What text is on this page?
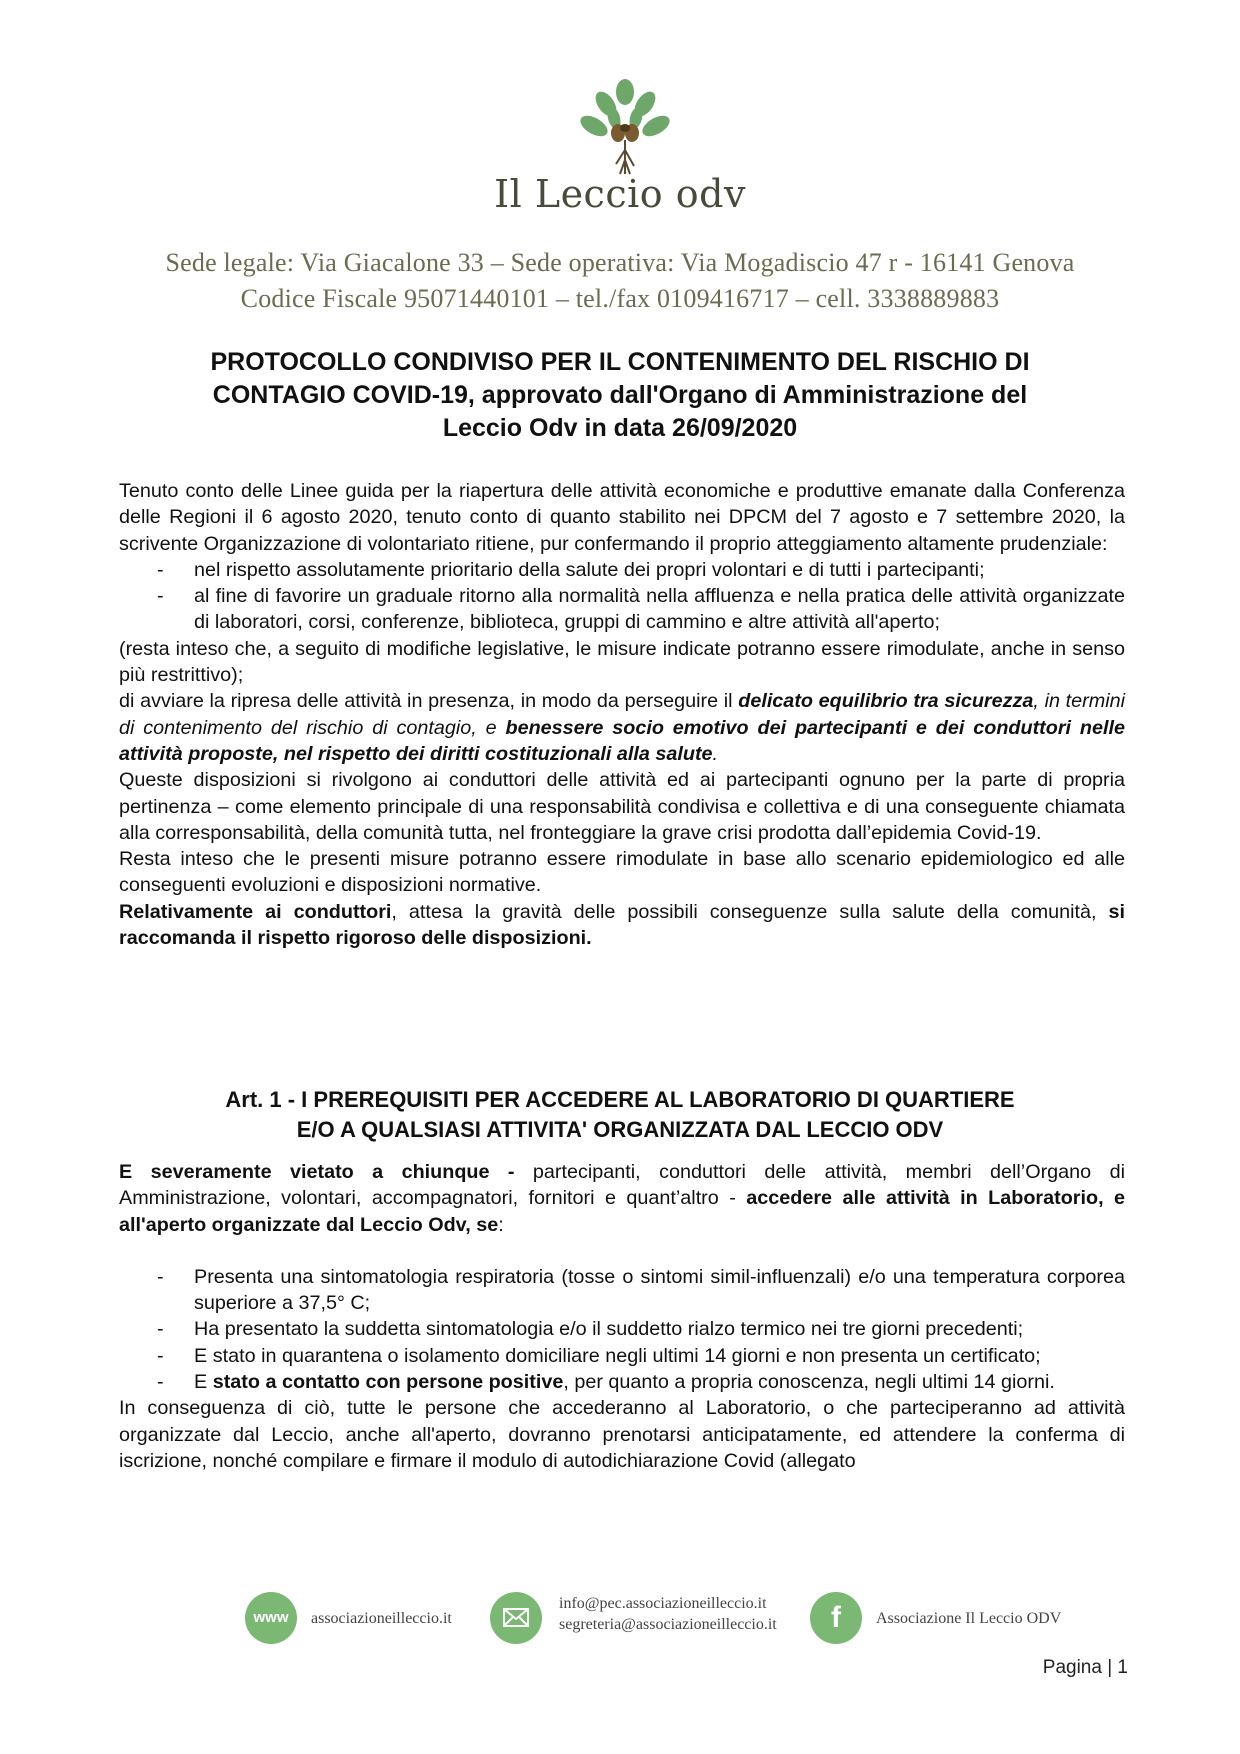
Il Leccio odv
Sede legale: Via Giacalone 33 – Sede operativa: Via Mogadiscio 47 r - 16141 Genova
Codice Fiscale 95071440101 – tel./fax 0109416717 – cell. 3338889883
PROTOCOLLO CONDIVISO PER IL CONTENIMENTO DEL RISCHIO DI
CONTAGIO COVID-19, approvato dall'Organo di Amministrazione del
Leccio Odv in data 26/09/2020

Tenuto conto delle Linee guida per la riapertura delle attività economiche e produttive emanate dalla Conferenza delle Regioni il 6 agosto 2020, tenuto conto di quanto stabilito nei DPCM del 7 agosto e 7 settembre 2020, la scrivente Organizzazione di volontariato ritiene, pur confermando il proprio atteggiamento altamente prudenziale:

- nel rispetto assolutamente prioritario della salute dei propri volontari e di tutti i partecipanti;
- al fine di favorire un graduale ritorno alla normalità nella affluenza e nella pratica delle attività organizzate di laboratori, corsi, conferenze, biblioteca, gruppi di cammino e altre attività all'aperto;

(resta inteso che, a seguito di modifiche legislative, le misure indicate potranno essere rimodulate, anche in senso più restrittivo);

di avviare la ripresa delle attività in presenza, in modo da perseguire il delicato equilibrio tra sicurezza, in termini di contenimento del rischio di contagio, e benessere socio emotivo dei partecipanti e dei conduttori nelle attività proposte, nel rispetto dei diritti costituzionali alla salute.

Queste disposizioni si rivolgono ai conduttori delle attività ed ai partecipanti ognuno per la parte di propria pertinenza – come elemento principale di una responsabilità condivisa e collettiva e di una conseguente chiamata alla corresponsabilità, della comunità tutta, nel fronteggiare la grave crisi prodotta dall’epidemia Covid-19.

Resta inteso che le presenti misure potranno essere rimodulate in base allo scenario epidemiologico ed alle conseguenti evoluzioni e disposizioni normative.

Relativamente ai conduttori, attesa la gravità delle possibili conseguenze sulla salute della comunità, si raccomanda il rispetto rigoroso delle disposizioni.

Art. 1 - I PREREQUISITI PER ACCEDERE AL LABORATORIO DI QUARTIERE
E/O A QUALSIASI ATTIVITA' ORGANIZZATA DAL LECCIO ODV

E severamente vietato a chiunque - partecipanti, conduttori delle attività, membri dell’Organo di Amministrazione, volontari, accompagnatori, fornitori e quant’altro - accedere alle attività in Laboratorio, e all'aperto organizzate dal Leccio Odv, se:

- Presenta una sintomatologia respiratoria (tosse o sintomi simil-influenzali) e/o una temperatura corporea superiore a 37,5° C;
- Ha presentato la suddetta sintomatologia e/o il suddetto rialzo termico nei tre giorni precedenti;
- E stato in quarantena o isolamento domiciliare negli ultimi 14 giorni e non presenta un certificato;
- E stato a contatto con persone positive, per quanto a propria conoscenza, negli ultimi 14 giorni.

In conseguenza di ciò, tutte le persone che accederanno al Laboratorio, o che parteciperanno ad attività organizzate dal Leccio, anche all'aperto, dovranno prenotarsi anticipatamente, ed attendere la conferma di iscrizione, nonché compilare e firmare il modulo di autodichiarazione Covid (allegato

www	associazioneilleccio.it
info@pec.associazioneilleccio.it
segreteria@associazioneilleccio.it	f	Associazione Il Leccio ODV
Pagina | 1
